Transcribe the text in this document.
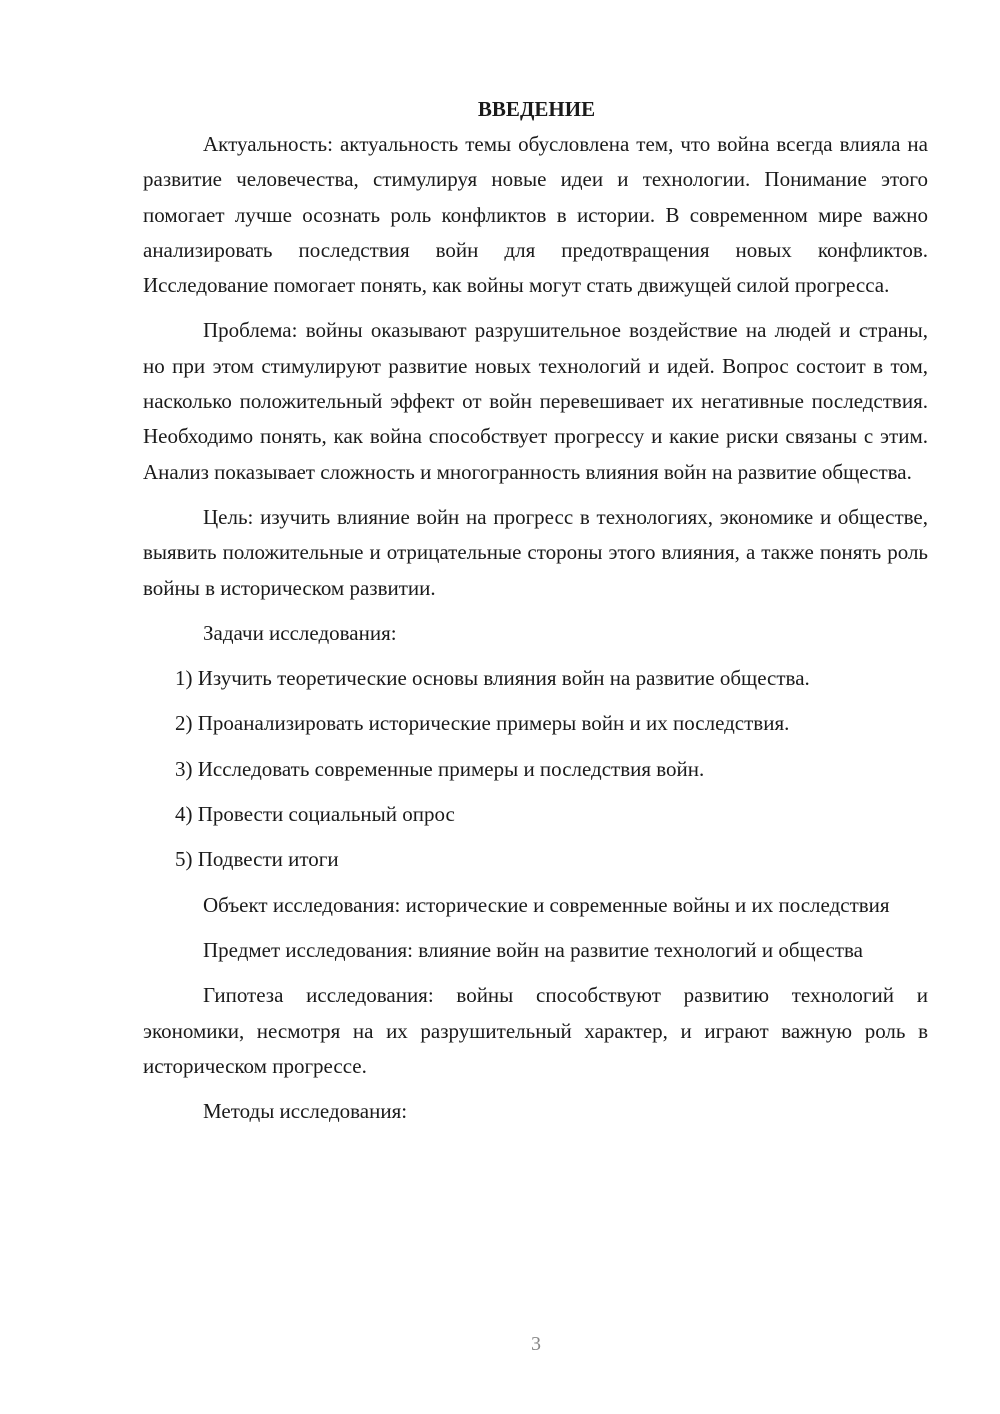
ВВЕДЕНИЕ

Актуальность: актуальность темы обусловлена тем, что война всегда влияла на развитие человечества, стимулируя новые идеи и технологии. Понимание этого помогает лучше осознать роль конфликтов в истории. В современном мире важно анализировать последствия войн для предотвращения новых конфликтов. Исследование помогает понять, как войны могут стать движущей силой прогресса.

Проблема: войны оказывают разрушительное воздействие на людей и страны, но при этом стимулируют развитие новых технологий и идей. Вопрос состоит в том, насколько положительный эффект от войн перевешивает их негативные последствия. Необходимо понять, как война способствует прогрессу и какие риски связаны с этим. Анализ показывает сложность и многогранность влияния войн на развитие общества.

Цель: изучить влияние войн на прогресс в технологиях, экономике и обществе, выявить положительные и отрицательные стороны этого влияния, а также понять роль войны в историческом развитии.

Задачи исследования:

1) Изучить теоретические основы влияния войн на развитие общества.

2) Проанализировать исторические примеры войн и их последствия.

3) Исследовать современные примеры и последствия войн.

4) Провести социальный опрос

5) Подвести итоги

Объект исследования: исторические и современные войны и их последствия

Предмет исследования: влияние войн на развитие технологий и общества

Гипотеза исследования: войны способствуют развитию технологий и экономики, несмотря на их разрушительный характер, и играют важную роль в историческом прогрессе.

Методы исследования:

3
